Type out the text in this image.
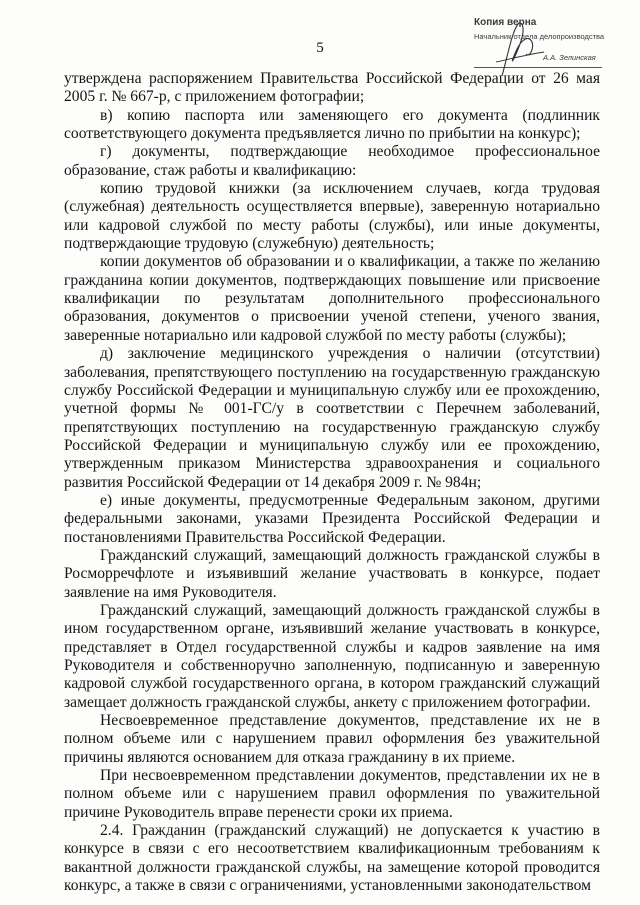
5
Копия верна
Начальник отдела делопроизводства
А.А. Зелинская

утверждена распоряжением Правительства Российской Федерации от 26 мая 2005 г. № 667-р, с приложением фотографии;

в) копию паспорта или заменяющего его документа (подлинник соответствующего документа предъявляется лично по прибытии на конкурс);

г) документы, подтверждающие необходимое профессиональное образование, стаж работы и квалификацию:

копию трудовой книжки (за исключением случаев, когда трудовая (служебная) деятельность осуществляется впервые), заверенную нотариально или кадровой службой по месту работы (службы), или иные документы, подтверждающие трудовую (служебную) деятельность;

копии документов об образовании и о квалификации, а также по желанию гражданина копии документов, подтверждающих повышение или присвоение квалификации по результатам дополнительного профессионального образования, документов о присвоении ученой степени, ученого звания, заверенные нотариально или кадровой службой по месту работы (службы);

д) заключение медицинского учреждения о наличии (отсутствии) заболевания, препятствующего поступлению на государственную гражданскую службу Российской Федерации и муниципальную службу или ее прохождению, учетной формы № 001-ГС/у в соответствии с Перечнем заболеваний, препятствующих поступлению на государственную гражданскую службу Российской Федерации и муниципальную службу или ее прохождению, утвержденным приказом Министерства здравоохранения и социального развития Российской Федерации от 14 декабря 2009 г. № 984н;

е) иные документы, предусмотренные Федеральным законом, другими федеральными законами, указами Президента Российской Федерации и постановлениями Правительства Российской Федерации.

Гражданский служащий, замещающий должность гражданской службы в Росморречфлоте и изъявивший желание участвовать в конкурсе, подает заявление на имя Руководителя.

Гражданский служащий, замещающий должность гражданской службы в ином государственном органе, изъявивший желание участвовать в конкурсе, представляет в Отдел государственной службы и кадров заявление на имя Руководителя и собственноручно заполненную, подписанную и заверенную кадровой службой государственного органа, в котором гражданский служащий замещает должность гражданской службы, анкету с приложением фотографии.

Несвоевременное представление документов, представление их не в полном объеме или с нарушением правил оформления без уважительной причины являются основанием для отказа гражданину в их приеме.

При несвоевременном представлении документов, представлении их не в полном объеме или с нарушением правил оформления по уважительной причине Руководитель вправе перенести сроки их приема.

2.4. Гражданин (гражданский служащий) не допускается к участию в конкурсе в связи с его несоответствием квалификационным требованиям к вакантной должности гражданской службы, на замещение которой проводится конкурс, а также в связи с ограничениями, установленными законодательством
